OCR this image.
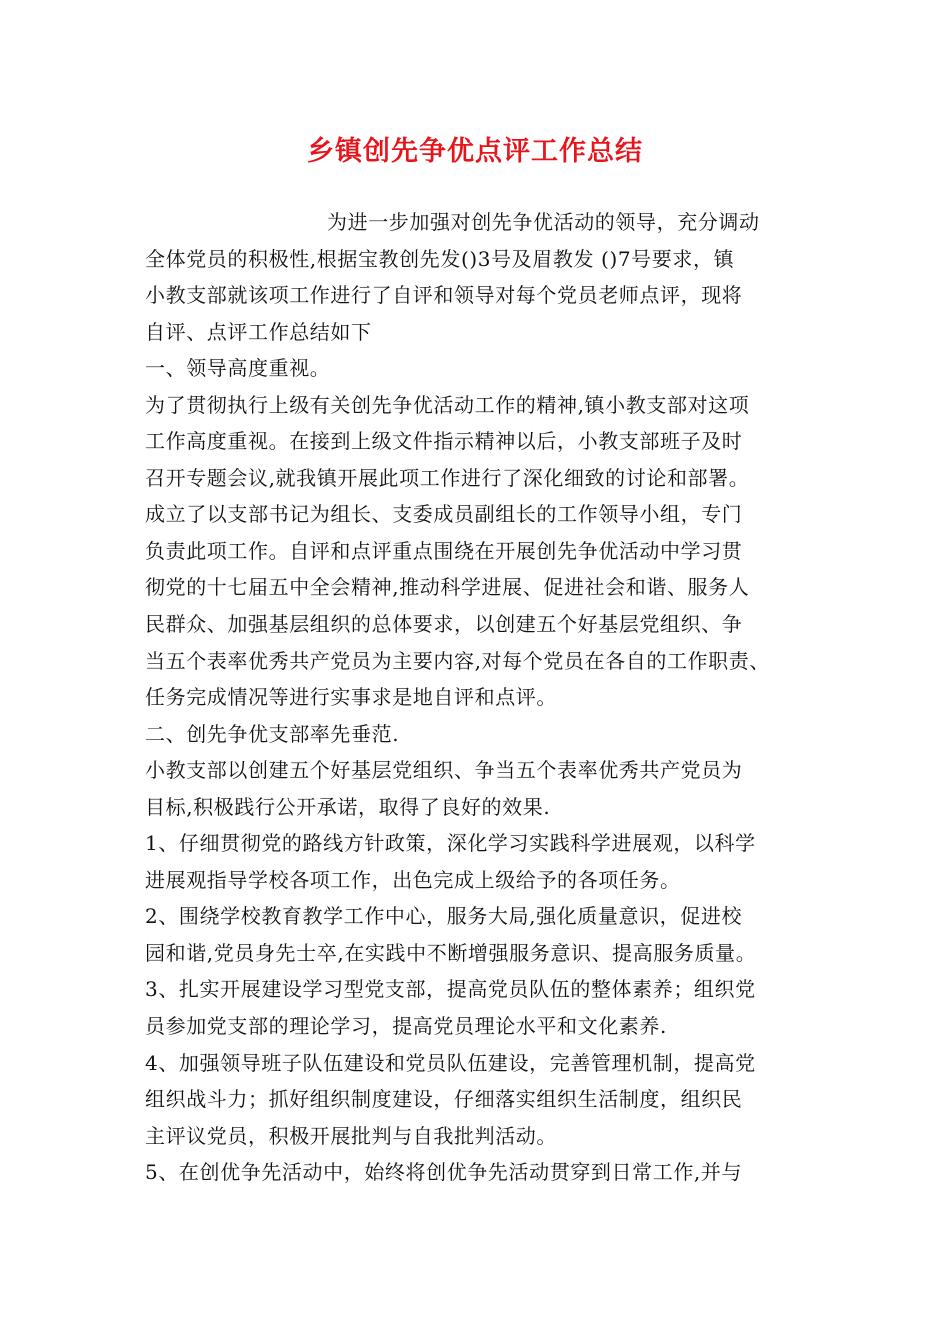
乡镇创先争优点评工作总结
为进一步加强对创先争优活动的领导，充分调动
全体党员的积极性,根据宝教创先发()3号及眉教发 ()7号要求，镇
小教支部就该项工作进行了自评和领导对每个党员老师点评，现将
自评、点评工作总结如下
一、领导高度重视。
为了贯彻执行上级有关创先争优活动工作的精神,镇小教支部对这项
工作高度重视。在接到上级文件指示精神以后，小教支部班子及时
召开专题会议,就我镇开展此项工作进行了深化细致的讨论和部署。
成立了以支部书记为组长、支委成员副组长的工作领导小组，专门
负责此项工作。自评和点评重点围绕在开展创先争优活动中学习贯
彻党的十七届五中全会精神,推动科学进展、促进社会和谐、服务人
民群众、加强基层组织的总体要求，以创建五个好基层党组织、争
当五个表率优秀共产党员为主要内容,对每个党员在各自的工作职责、
任务完成情况等进行实事求是地自评和点评。
二、创先争优支部率先垂范.
小教支部以创建五个好基层党组织、争当五个表率优秀共产党员为
目标,积极践行公开承诺，取得了良好的效果.
1、仔细贯彻党的路线方针政策，深化学习实践科学进展观，以科学
进展观指导学校各项工作，出色完成上级给予的各项任务。
2、围绕学校教育教学工作中心，服务大局,强化质量意识，促进校
园和谐,党员身先士卒,在实践中不断增强服务意识、提高服务质量。
3、扎实开展建设学习型党支部，提高党员队伍的整体素养；组织党
员参加党支部的理论学习，提高党员理论水平和文化素养.
4、加强领导班子队伍建设和党员队伍建设，完善管理机制，提高党
组织战斗力；抓好组织制度建设，仔细落实组织生活制度，组织民
主评议党员，积极开展批判与自我批判活动。
5、在创优争先活动中，始终将创优争先活动贯穿到日常工作,并与
